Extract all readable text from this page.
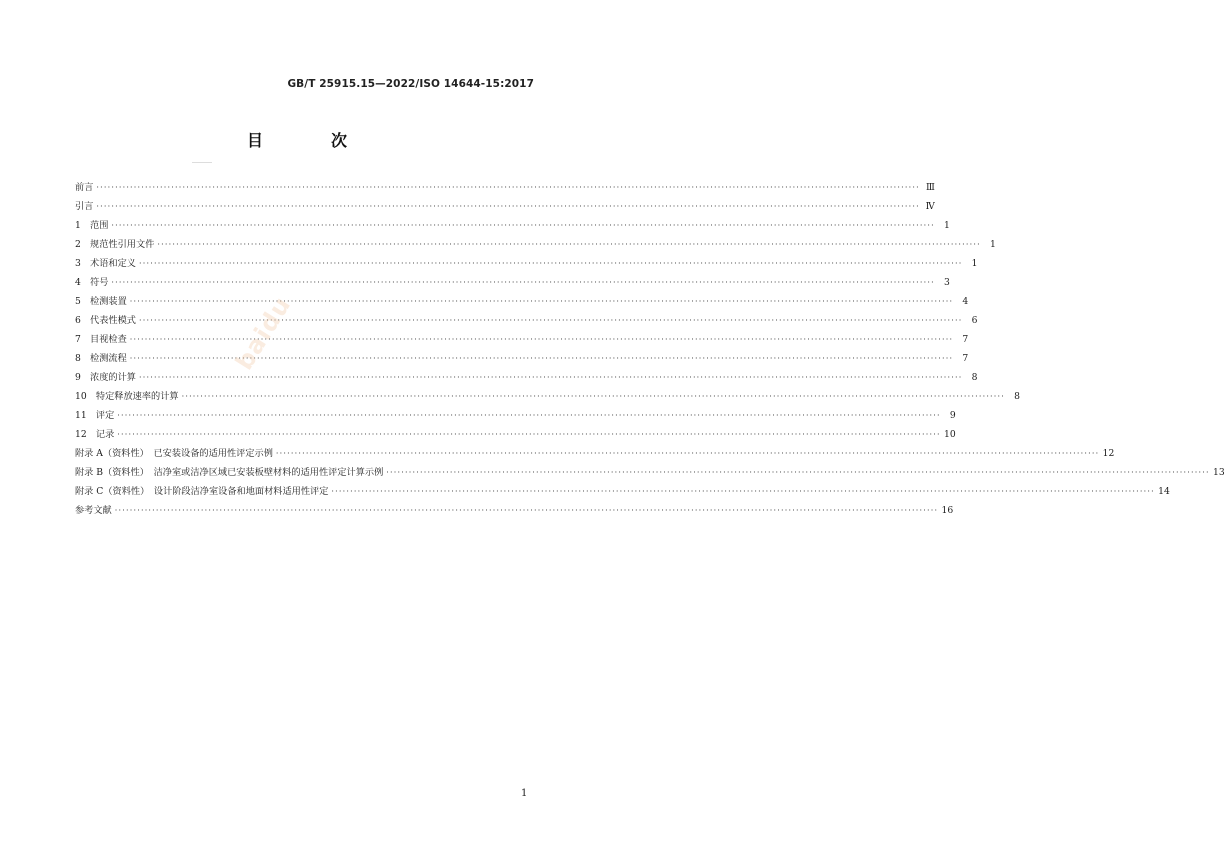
GB/T 25915.15—2022/ISO 14644-15:2017
目　次
前言 ···························································································································································································································· Ⅲ
引言 ···························································································································································································································· Ⅳ
1　范围 ···························································································································································································································· 1
2　规范性引用文件 ···························································································································································································································· 1
3　术语和定义 ···························································································································································································································· 1
4　符号 ···························································································································································································································· 3
5　检测装置 ···························································································································································································································· 4
6　代表性模式 ···························································································································································································································· 6
7　目视检查 ···························································································································································································································· 7
8　检测流程 ···························································································································································································································· 7
9　浓度的计算 ···························································································································································································································· 8
10　特定释放速率的计算 ···························································································································································································································· 8
11　评定 ···························································································································································································································· 9
12　记录 ···························································································································································································································· 10
附录 A（资料性）　已安装设备的适用性评定示例 ···························································································································································································································· 12
附录 B（资料性）　洁净室或洁净区域已安装板壁材料的适用性评定计算示例 ···························································································································································································································· 13
附录 C（资料性）　设计阶段洁净室设备和地面材料适用性评定 ···························································································································································································································· 14
参考文献 ···························································································································································································································· 16
baidu
1
